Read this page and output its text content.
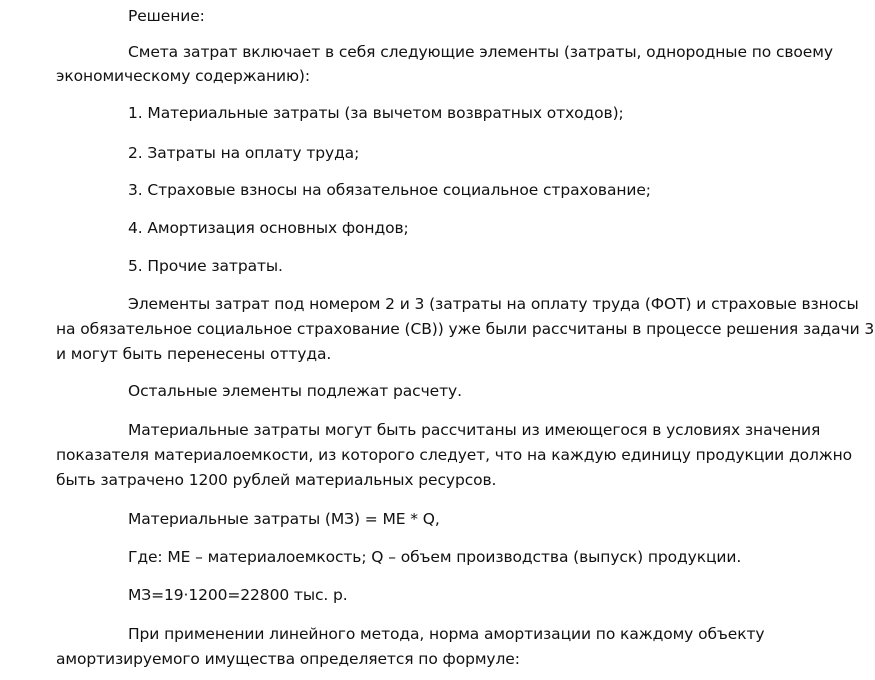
Решение:
Смета затрат включает в себя следующие элементы (затраты, однородные по своему
экономическому содержанию):
1. Материальные затраты (за вычетом возвратных отходов);
2. Затраты на оплату труда;
3. Страховые взносы на обязательное социальное страхование;
4. Амортизация основных фондов;
5. Прочие затраты.
Элементы затрат под номером 2 и 3 (затраты на оплату труда (ФОТ) и страховые взносы
на обязательное социальное страхование (СВ)) уже были рассчитаны в процессе решения задачи 3
и могут быть перенесены оттуда.
Остальные элементы подлежат расчету.
Материальные затраты могут быть рассчитаны из имеющегося в условиях значения
показателя материалоемкости, из которого следует, что на каждую единицу продукции должно
быть затрачено 1200 рублей материальных ресурсов.
Материальные затраты (МЗ) = МЕ * Q,
Где: МЕ – материалоемкость; Q – объем производства (выпуск) продукции.
МЗ=19·1200=22800 тыс. р.
При применении линейного метода, норма амортизации по каждому объекту
амортизируемого имущества определяется по формуле:
